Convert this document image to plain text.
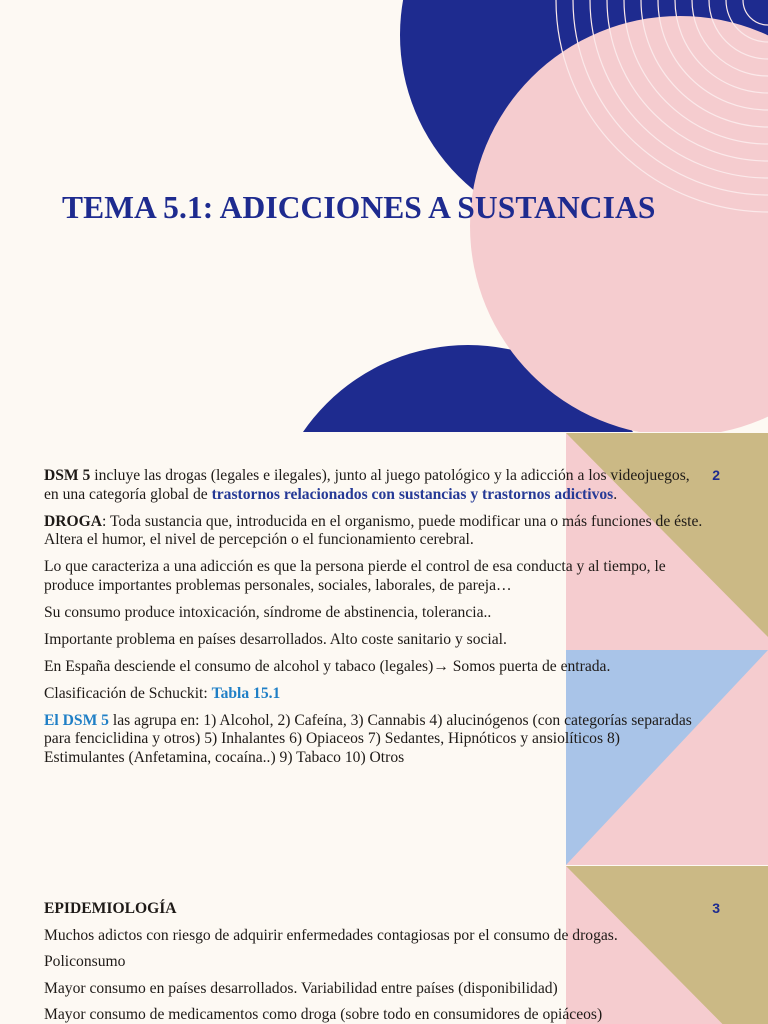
TEMA 5.1: ADICCIONES A SUSTANCIAS
2

DSM 5 incluye las drogas (legales e ilegales), junto al juego patológico y la adicción a los videojuegos, en una categoría global de trastornos relacionados con sustancias y trastornos adictivos.

DROGA: Toda sustancia que, introducida en el organismo, puede modificar una o más funciones de éste. Altera el humor, el nivel de percepción o el funcionamiento cerebral.

Lo que caracteriza a una adicción es que la persona pierde el control de esa conducta y al tiempo, le produce importantes problemas personales, sociales, laborales, de pareja…

Su consumo produce intoxicación, síndrome de abstinencia, tolerancia..

Importante problema en países desarrollados. Alto coste sanitario y social.

En España desciende el consumo de alcohol y tabaco (legales)→ Somos puerta de entrada.

Clasificación de Schuckit: Tabla 15.1

El DSM 5 las agrupa en: 1) Alcohol, 2) Cafeína, 3) Cannabis 4) alucinógenos (con categorías separadas para fenciclidina y otros) 5) Inhalantes 6) Opiaceos 7) Sedantes, Hipnóticos y ansiolíticos 8) Estimulantes (Anfetamina, cocaína..) 9) Tabaco 10) Otros

3

EPIDEMIOLOGÍA

Muchos adictos con riesgo de adquirir enfermedades contagiosas por el consumo de drogas.

Policonsumo

Mayor consumo en países desarrollados. Variabilidad entre países (disponibilidad)

Mayor consumo de medicamentos como droga (sobre todo en consumidores de opiáceos)
